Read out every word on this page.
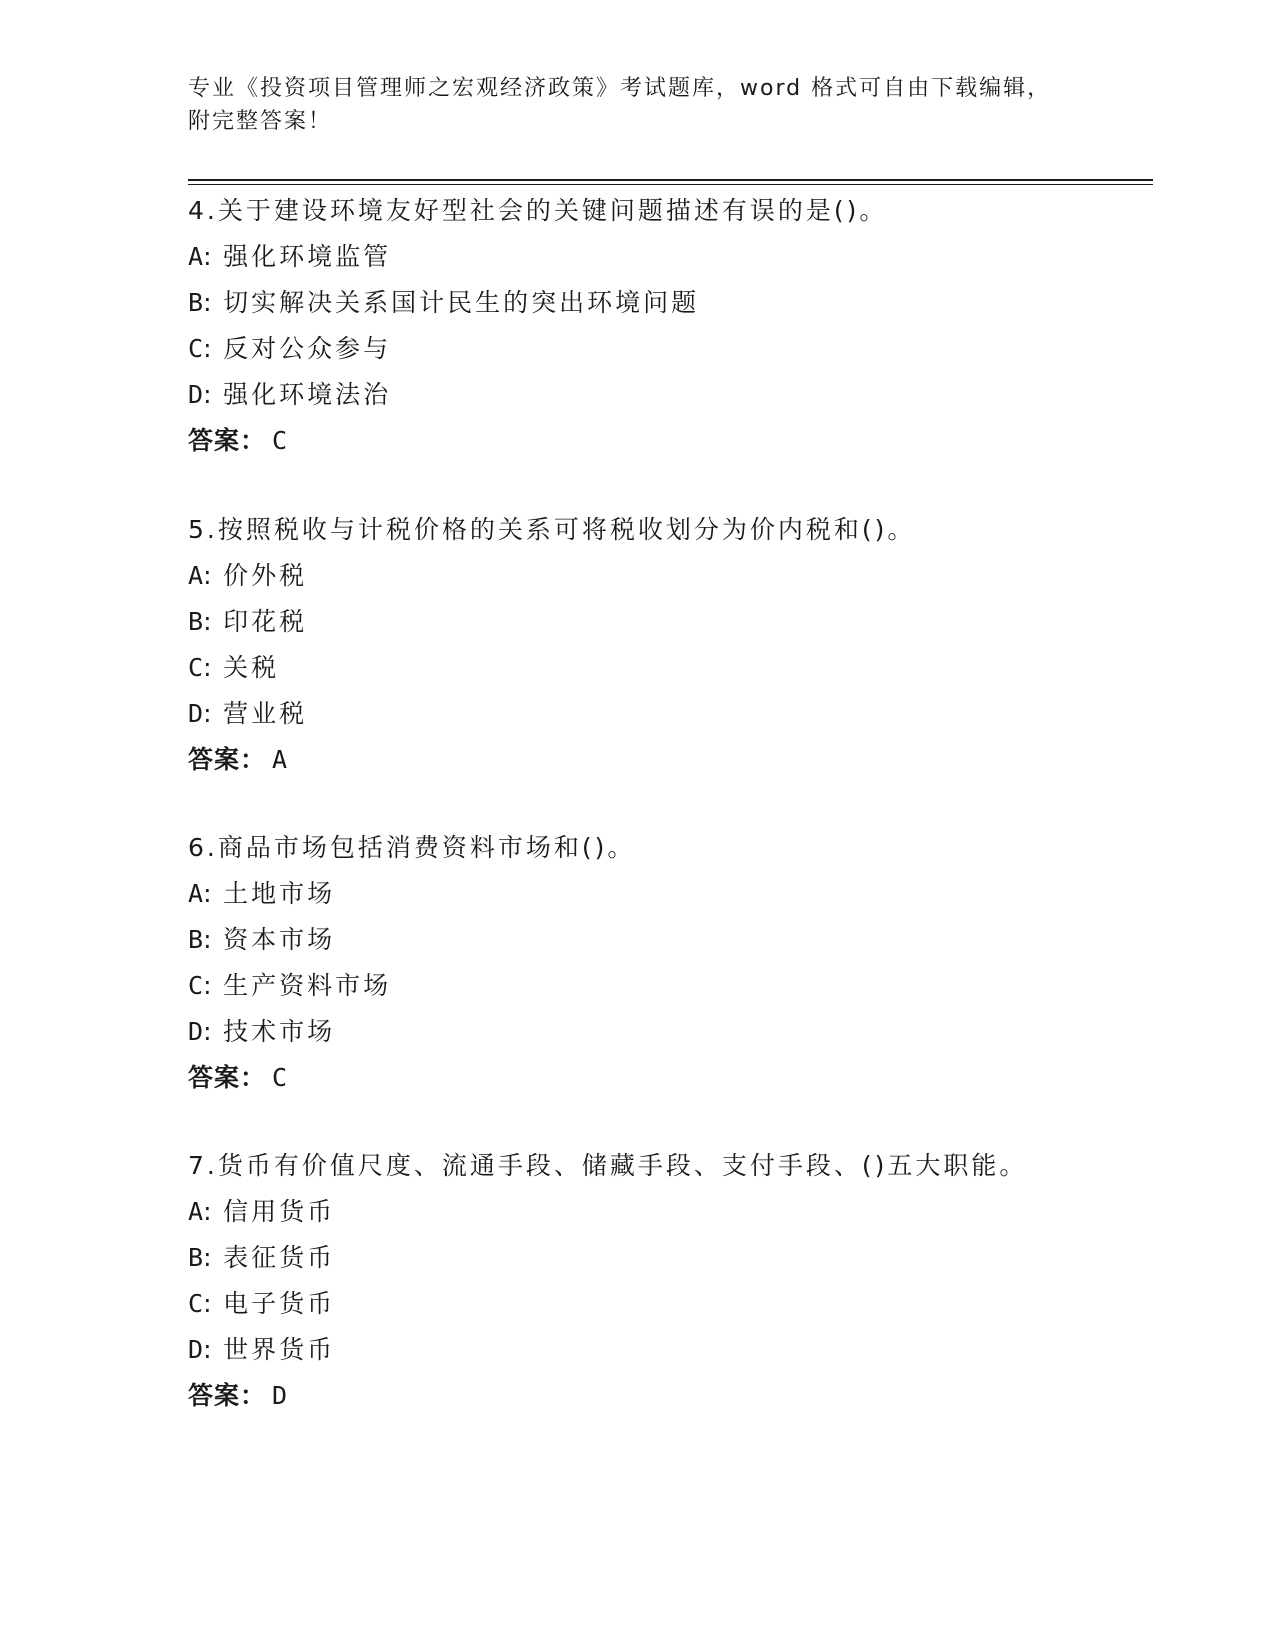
专业《投资项目管理师之宏观经济政策》考试题库，word 格式可自由下载编辑，
附完整答案！
4.关于建设环境友好型社会的关键问题描述有误的是()。
A: 强化环境监管
B: 切实解决关系国计民生的突出环境问题
C: 反对公众参与
D: 强化环境法治
答案： C
5.按照税收与计税价格的关系可将税收划分为价内税和()。
A: 价外税
B: 印花税
C: 关税
D: 营业税
答案： A
6.商品市场包括消费资料市场和()。
A: 土地市场
B: 资本市场
C: 生产资料市场
D: 技术市场
答案： C
7.货币有价值尺度、流通手段、储藏手段、支付手段、()五大职能。
A: 信用货币
B: 表征货币
C: 电子货币
D: 世界货币
答案： D
